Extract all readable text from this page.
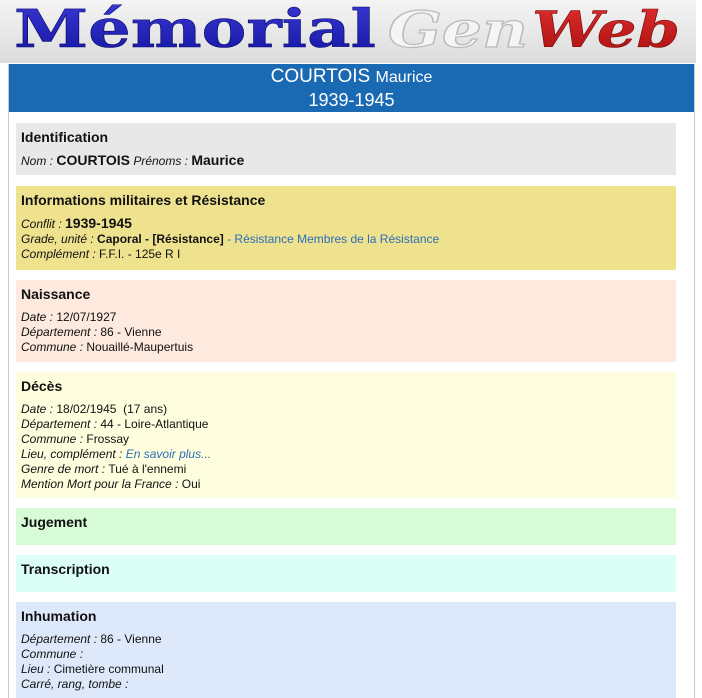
Mémorial Gen Web
COURTOIS Maurice
1939-1945
Identification
Nom : COURTOIS Prénoms : Maurice
Informations militaires et Résistance
Conflit : 1939-1945
Grade, unité : Caporal - [Résistance] - Résistance Membres de la Résistance
Complément : F.F.I. - 125e R I
Naissance
Date : 12/07/1927
Département : 86 - Vienne
Commune : Nouaillé-Maupertuis
Décès
Date : 18/02/1945  (17 ans)
Département : 44 - Loire-Atlantique
Commune : Frossay
Lieu, complément : En savoir plus...
Genre de mort : Tué à l'ennemi
Mention Mort pour la France : Oui
Jugement
Transcription
Inhumation
Département : 86 - Vienne
Commune :
Lieu : Cimetière communal
Carré, rang, tombe :
